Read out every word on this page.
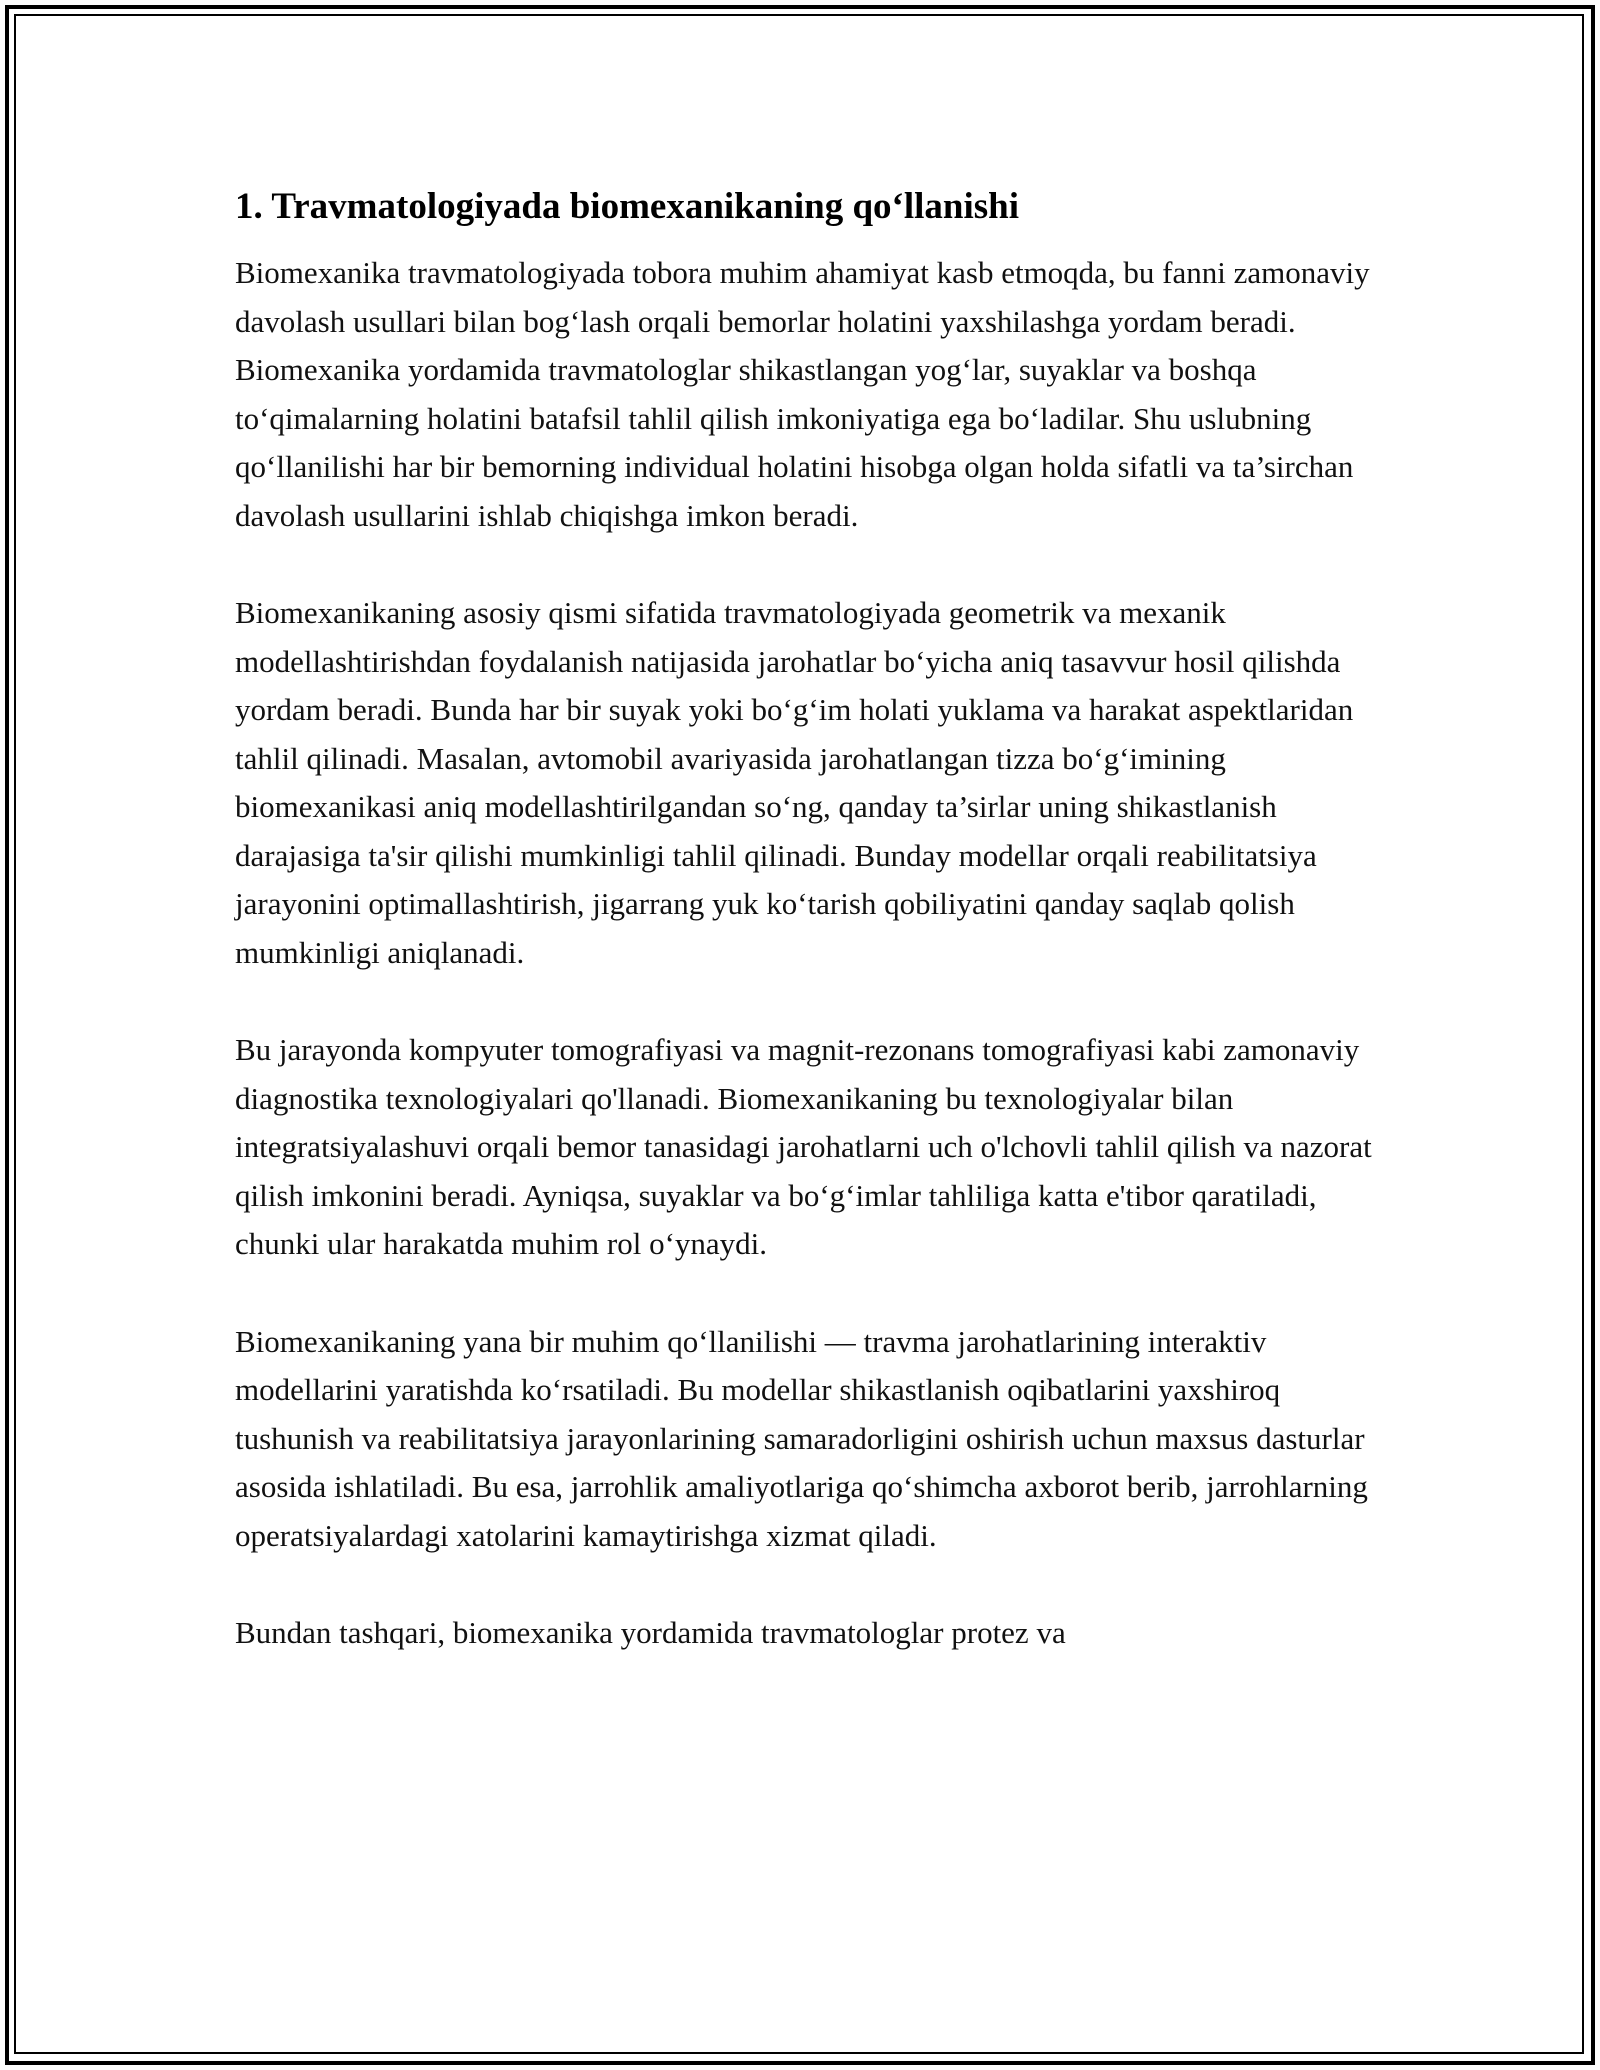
1. Travmatologiyada biomexanikaning qo‘llanishi

Biomexanika travmatologiyada tobora muhim ahamiyat kasb etmoqda, bu fanni zamonaviy davolash usullari bilan bog‘lash orqali bemorlar holatini yaxshilashga yordam beradi. Biomexanika yordamida travmatologlar shikastlangan yog‘lar, suyaklar va boshqa to‘qimalarning holatini batafsil tahlil qilish imkoniyatiga ega bo‘ladilar. Shu uslubning qo‘llanilishi har bir bemorning individual holatini hisobga olgan holda sifatli va ta’sirchan davolash usullarini ishlab chiqishga imkon beradi.

Biomexanikaning asosiy qismi sifatida travmatologiyada geometrik va mexanik modellashtirishdan foydalanish natijasida jarohatlar bo‘yicha aniq tasavvur hosil qilishda yordam beradi. Bunda har bir suyak yoki bo‘g‘im holati yuklama va harakat aspektlaridan tahlil qilinadi. Masalan, avtomobil avariyasida jarohatlangan tizza bo‘g‘imining biomexanikasi aniq modellashtirilgandan so‘ng, qanday ta’sirlar uning shikastlanish darajasiga ta'sir qilishi mumkinligi tahlil qilinadi. Bunday modellar orqali reabilitatsiya jarayonini optimallashtirish, jigarrang yuk ko‘tarish qobiliyatini qanday saqlab qolish mumkinligi aniqlanadi.

Bu jarayonda kompyuter tomografiyasi va magnit-rezonans tomografiyasi kabi zamonaviy diagnostika texnologiyalari qo'llanadi. Biomexanikaning bu texnologiyalar bilan integratsiyalashuvi orqali bemor tanasidagi jarohatlarni uch o'lchovli tahlil qilish va nazorat qilish imkonini beradi. Ayniqsa, suyaklar va bo‘g‘imlar tahliliga katta e'tibor qaratiladi, chunki ular harakatda muhim rol o‘ynaydi.

Biomexanikaning yana bir muhim qo‘llanilishi — travma jarohatlarining interaktiv modellarini yaratishda ko‘rsatiladi. Bu modellar shikastlanish oqibatlarini yaxshiroq tushunish va reabilitatsiya jarayonlarining samaradorligini oshirish uchun maxsus dasturlar asosida ishlatiladi. Bu esa, jarrohlik amaliyotlariga qo‘shimcha axborot berib, jarrohlarning operatsiyalardagi xatolarini kamaytirishga xizmat qiladi.

Bundan tashqari, biomexanika yordamida travmatologlar protez va
